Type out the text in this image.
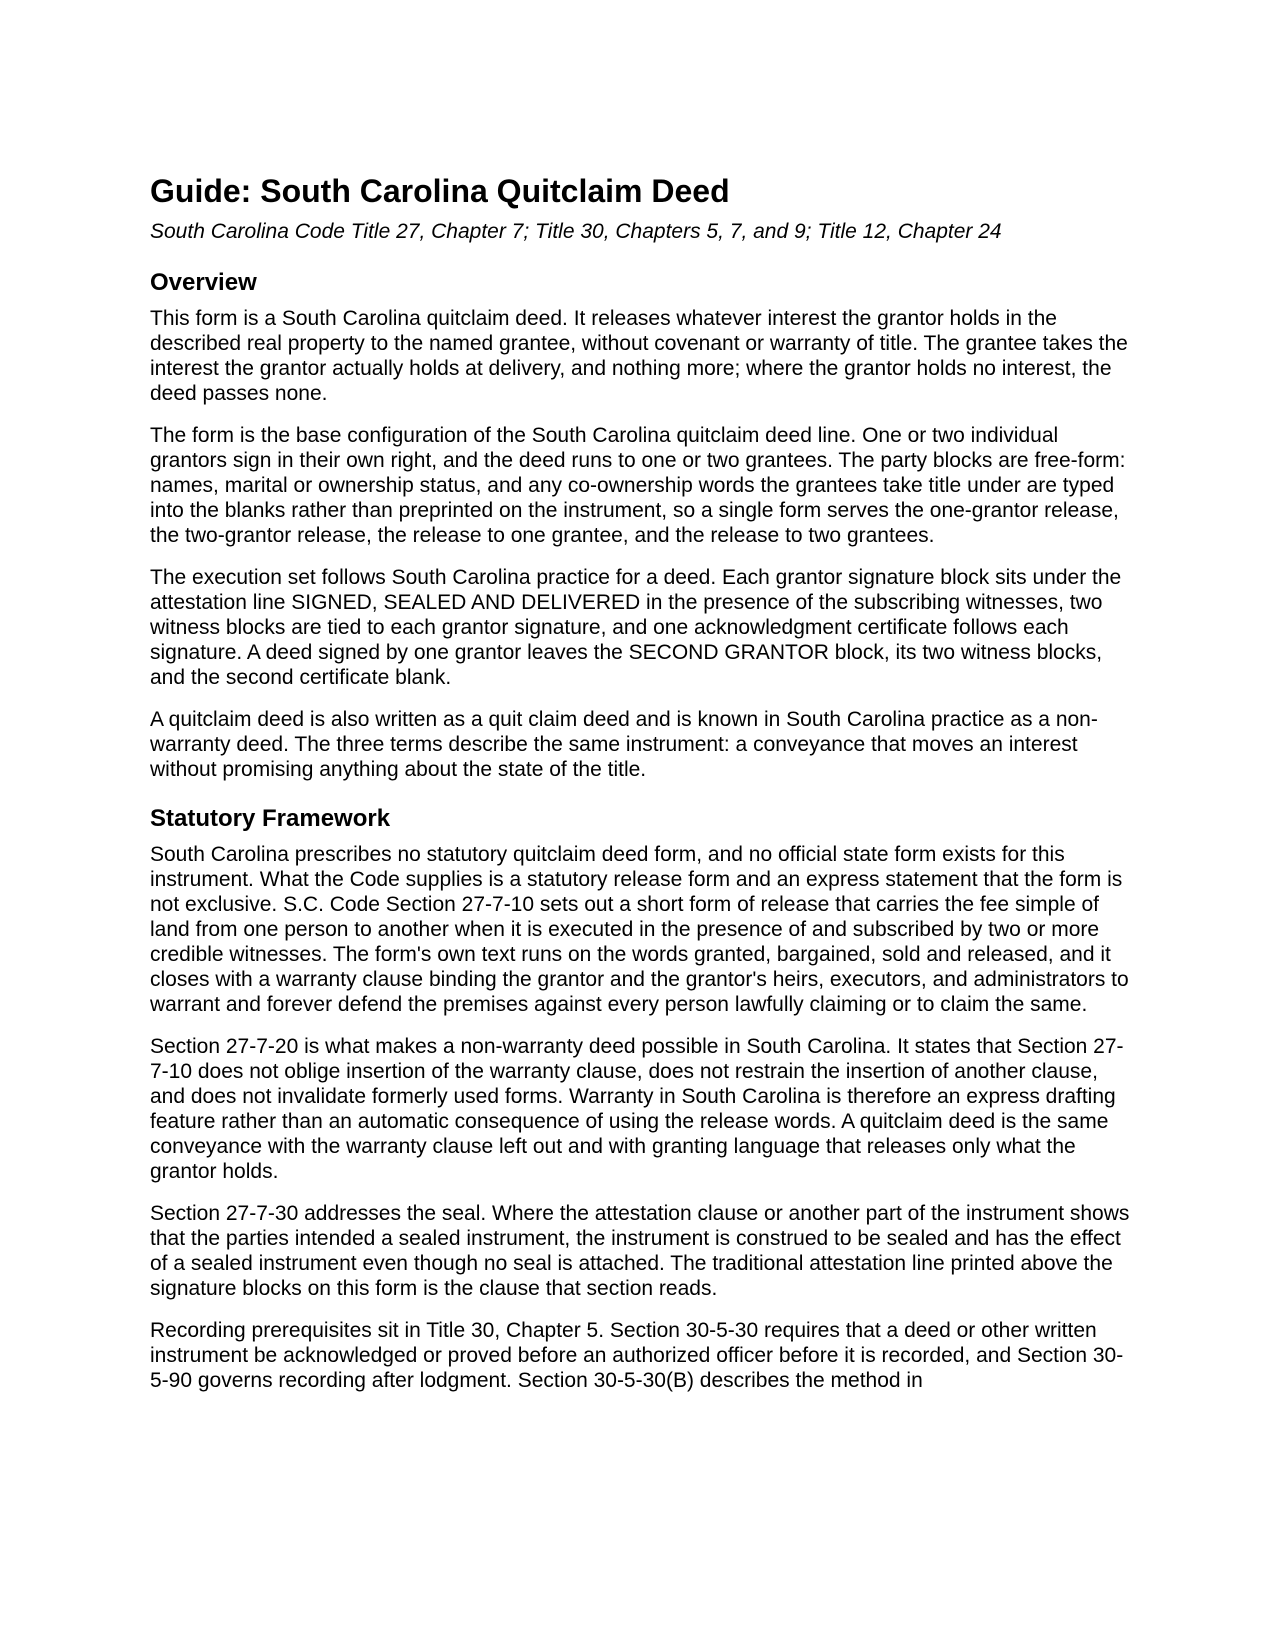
Guide: South Carolina Quitclaim Deed
South Carolina Code Title 27, Chapter 7; Title 30, Chapters 5, 7, and 9; Title 12, Chapter 24
Overview

This form is a South Carolina quitclaim deed. It releases whatever interest the grantor holds in the described real property to the named grantee, without covenant or warranty of title. The grantee takes the interest the grantor actually holds at delivery, and nothing more; where the grantor holds no interest, the deed passes none.

The form is the base configuration of the South Carolina quitclaim deed line. One or two individual grantors sign in their own right, and the deed runs to one or two grantees. The party blocks are free-form: names, marital or ownership status, and any co-ownership words the grantees take title under are typed into the blanks rather than preprinted on the instrument, so a single form serves the one-grantor release, the two-grantor release, the release to one grantee, and the release to two grantees.

The execution set follows South Carolina practice for a deed. Each grantor signature block sits under the attestation line SIGNED, SEALED AND DELIVERED in the presence of the subscribing witnesses, two witness blocks are tied to each grantor signature, and one acknowledgment certificate follows each signature. A deed signed by one grantor leaves the SECOND GRANTOR block, its two witness blocks, and the second certificate blank.

A quitclaim deed is also written as a quit claim deed and is known in South Carolina practice as a non-warranty deed. The three terms describe the same instrument: a conveyance that moves an interest without promising anything about the state of the title.

Statutory Framework

South Carolina prescribes no statutory quitclaim deed form, and no official state form exists for this instrument. What the Code supplies is a statutory release form and an express statement that the form is not exclusive. S.C. Code Section 27-7-10 sets out a short form of release that carries the fee simple of land from one person to another when it is executed in the presence of and subscribed by two or more credible witnesses. The form's own text runs on the words granted, bargained, sold and released, and it closes with a warranty clause binding the grantor and the grantor's heirs, executors, and administrators to warrant and forever defend the premises against every person lawfully claiming or to claim the same.

Section 27-7-20 is what makes a non-warranty deed possible in South Carolina. It states that Section 27-7-10 does not oblige insertion of the warranty clause, does not restrain the insertion of another clause, and does not invalidate formerly used forms. Warranty in South Carolina is therefore an express drafting feature rather than an automatic consequence of using the release words. A quitclaim deed is the same conveyance with the warranty clause left out and with granting language that releases only what the grantor holds.

Section 27-7-30 addresses the seal. Where the attestation clause or another part of the instrument shows that the parties intended a sealed instrument, the instrument is construed to be sealed and has the effect of a sealed instrument even though no seal is attached. The traditional attestation line printed above the signature blocks on this form is the clause that section reads.

Recording prerequisites sit in Title 30, Chapter 5. Section 30-5-30 requires that a deed or other written instrument be acknowledged or proved before an authorized officer before it is recorded, and Section 30-5-90 governs recording after lodgment. Section 30-5-30(B) describes the method in
